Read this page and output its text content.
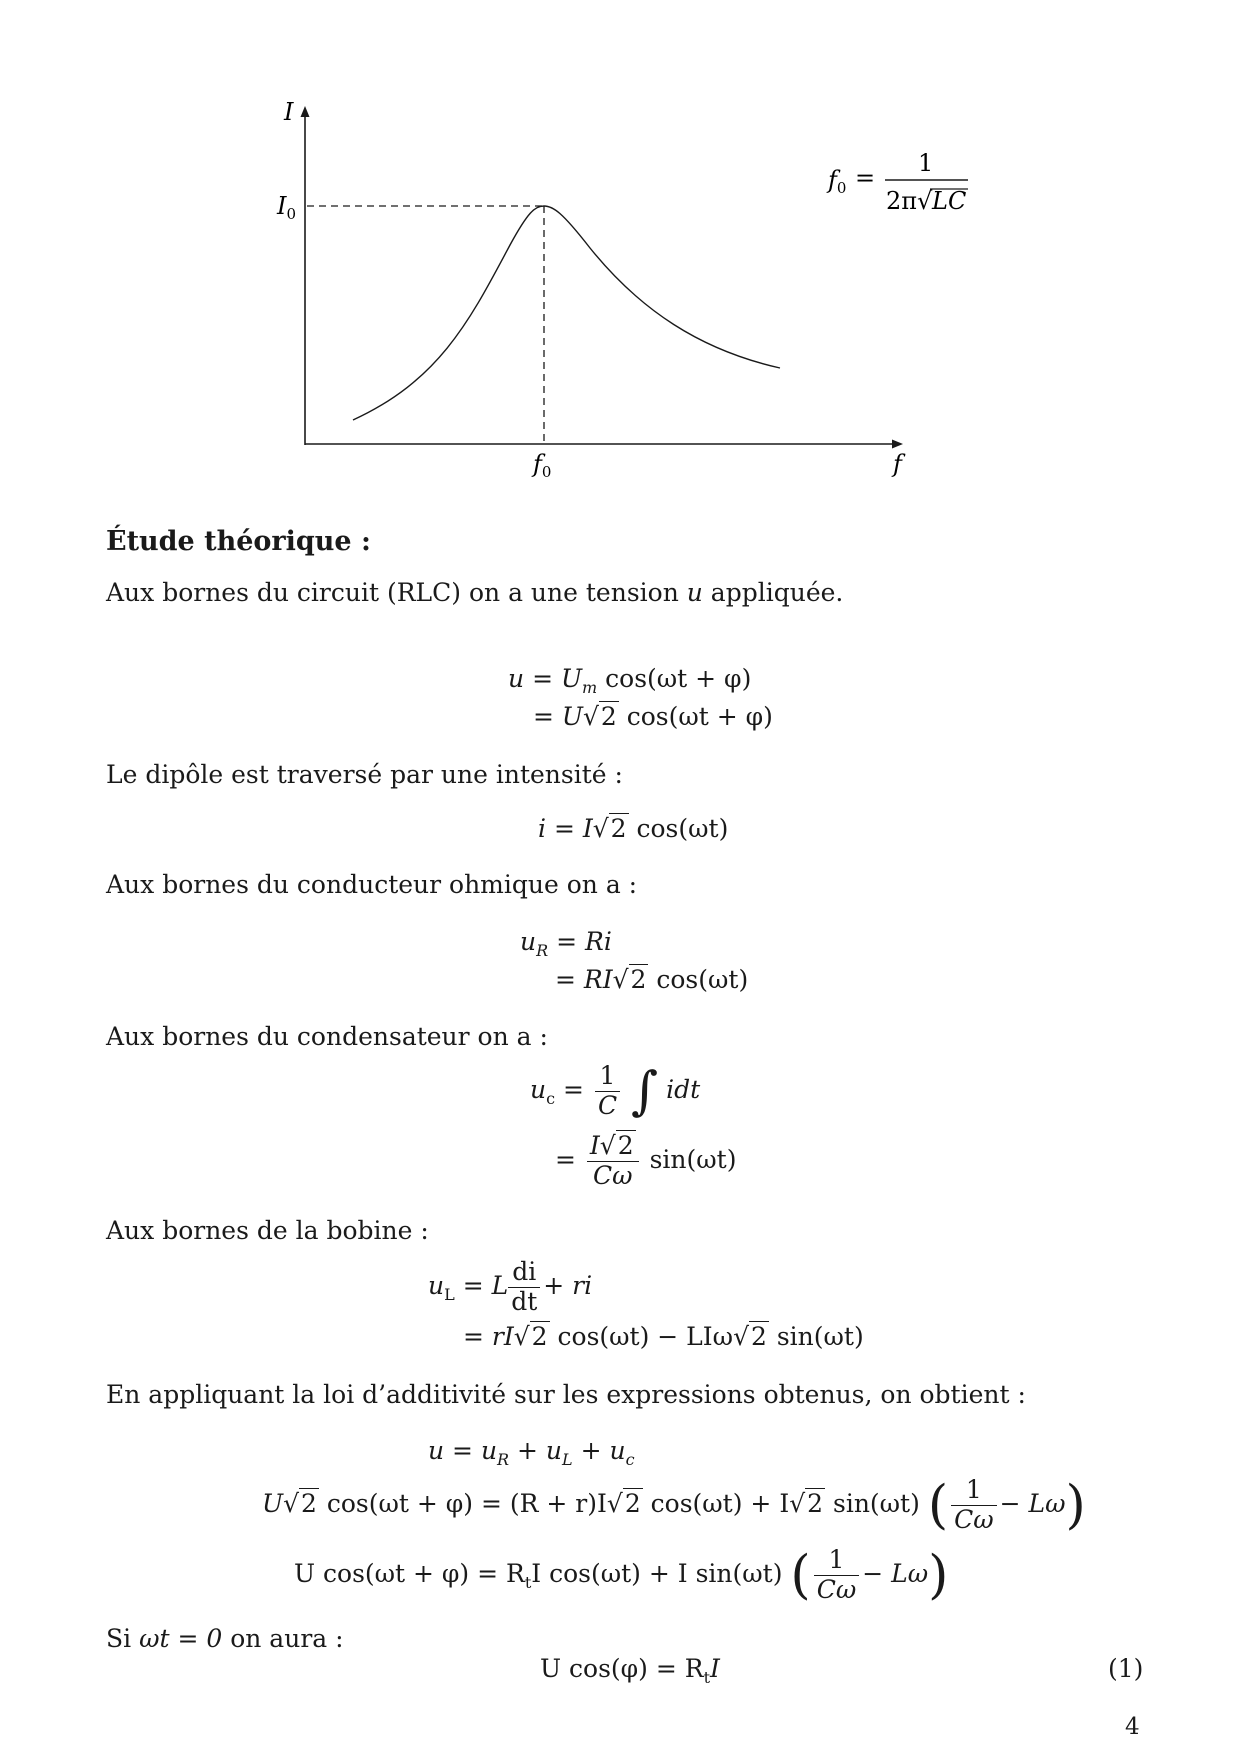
I
$I_0$
$f_0$	f
$f_0$ =
1
2π √ LC
Étude théorique :
Aux bornes du circuit (RLC) on a une tension u appliquée.
$u = U_m$ cos(ωt + φ)
= U√2 cos(ωt + φ)
Le dipôle est traversé par une intensité :
i = I√2 cos(ωt)
Aux bornes du conducteur ohmique on a :
$u_R = Ri$
= RI√2 cos(ωt)
Aux bornes du condensateur on a :
$u_c = \frac{1}{C}$ ∫ idt
= $\frac{I√2}{C\omega} \sin(\omega t)$
Aux bornes de la bobine :
$u_L = L \frac{di}{dt}$ + ri
= rI√2 cos(ωt) − LIω√2 sin(ωt)
En appliquant la loi d’additivité sur les expressions obtenus, on obtient :
$u = u_R + u_L + u_c$
U√2 cos(ωt + φ) = (R + r)I√2 cos(ωt) + I√2 sin(ωt) ( $\frac{1}{C\omega} - L\omega$)
U $\cos(\omega t + \varphi) = R_tI$ cos(ωt) + I sin(ωt) ( $\frac{1}{C\omega} - L\omega$)
Si ωt = 0 on aura :
U $\cos(\varphi) = R_tI$	(1)
4
